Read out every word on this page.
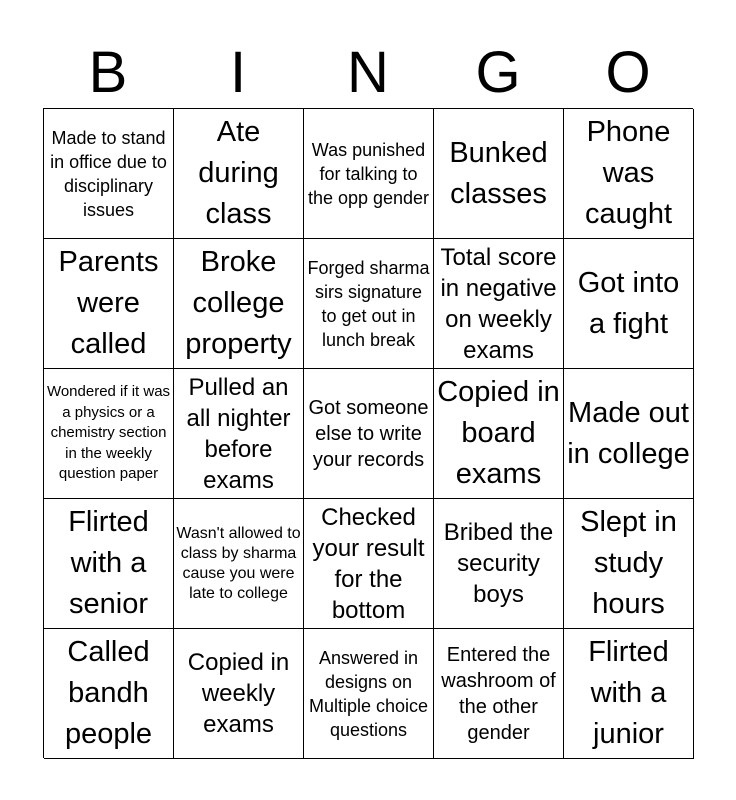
B	I	N	G	O
Made to stand in office due to disciplinary issues
Ate during class
Was punished for talking to the opp gender
Bunked classes
Phone was caught
Parents were called
Broke college property
Forged sharma sirs signature to get out in lunch break
Total score in negative on weekly exams
Got into a fight
Wondered if it was a physics or a chemistry section in the weekly question paper
Pulled an all nighter before exams
Got someone else to write your records
Copied in board exams
Made out in college
Flirted with a senior
Wasn't allowed to class by sharma cause you were late to college
Checked your result for the bottom
Bribed the security boys
Slept in study hours
Called bandh people
Copied in weekly exams
Answered in designs on Multiple choice questions
Entered the washroom of the other gender
Flirted with a junior
